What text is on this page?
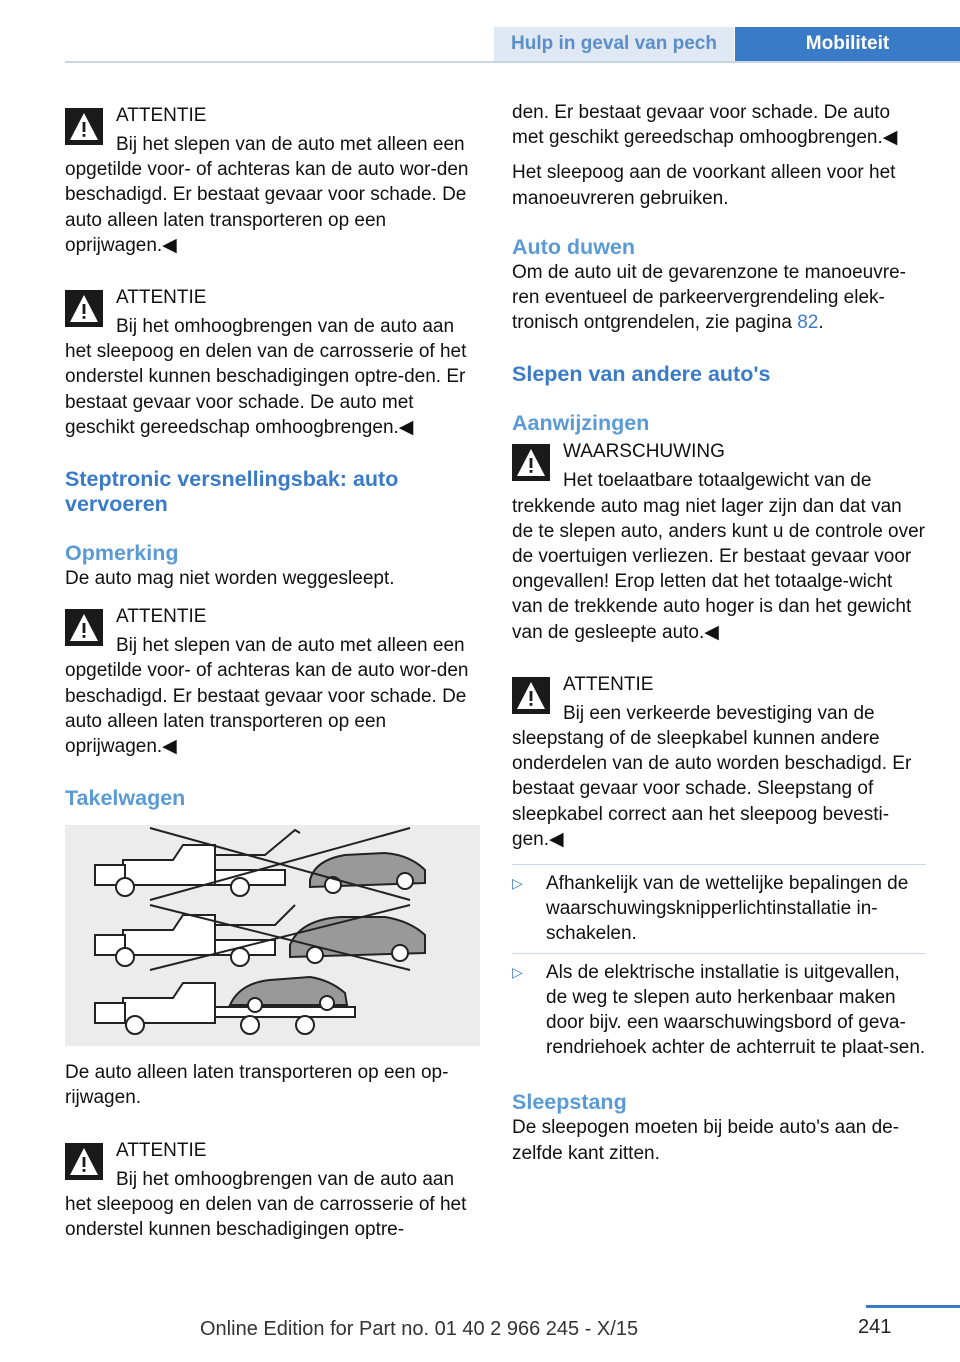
Hulp in geval van pech	Mobiliteit
ATTENTIE

Bij het slepen van de auto met alleen een opgetilde voor- of achteras kan de auto wor-den beschadigd. Er bestaat gevaar voor schade. De auto alleen laten transporteren op een oprijwagen.◀

ATTENTIE

Bij het omhoogbrengen van de auto aan het sleepoog en delen van de carrosserie of het onderstel kunnen beschadigingen optre-den. Er bestaat gevaar voor schade. De auto met geschikt gereedschap omhoogbrengen.◀

Steptronic versnellingsbak: auto vervoeren
Opmerking

De auto mag niet worden weggesleept.

ATTENTIE

Bij het slepen van de auto met alleen een opgetilde voor- of achteras kan de auto wor-den beschadigd. Er bestaat gevaar voor schade. De auto alleen laten transporteren op een oprijwagen.◀

Takelwagen

De auto alleen laten transporteren op een op-rijwagen.

ATTENTIE

Bij het omhoogbrengen van de auto aan het sleepoog en delen van de carrosserie of het onderstel kunnen beschadigingen optre-

den. Er bestaat gevaar voor schade. De auto met geschikt gereedschap omhoogbrengen.◀

Het sleepoog aan de voorkant alleen voor het manoeuvreren gebruiken.

Auto duwen

Om de auto uit de gevarenzone te manoeuvre-ren eventueel de parkeervergrendeling elek-tronisch ontgrendelen, zie pagina 82.

Slepen van andere auto's
Aanwijzingen
WAARSCHUWING

Het toelaatbare totaalgewicht van de trekkende auto mag niet lager zijn dan dat van de te slepen auto, anders kunt u de controle over de voertuigen verliezen. Er bestaat gevaar voor ongevallen! Erop letten dat het totaalge-wicht van de trekkende auto hoger is dan het gewicht van de gesleepte auto.◀

ATTENTIE

Bij een verkeerde bevestiging van de sleepstang of de sleepkabel kunnen andere onderdelen van de auto worden beschadigd. Er bestaat gevaar voor schade. Sleepstang of sleepkabel correct aan het sleepoog bevesti-gen.◀

▷	Afhankelijk van de wettelijke bepalingen de waarschuwingsknipperlichtinstallatie in-schakelen.
▷	Als de elektrische installatie is uitgevallen, de weg te slepen auto herkenbaar maken door bijv. een waarschuwingsbord of geva-rendriehoek achter de achterruit te plaat-sen.
Sleepstang

De sleepogen moeten bij beide auto's aan de-zelfde kant zitten.

241
Online Edition for Part no. 01 40 2 966 245 - X/15
